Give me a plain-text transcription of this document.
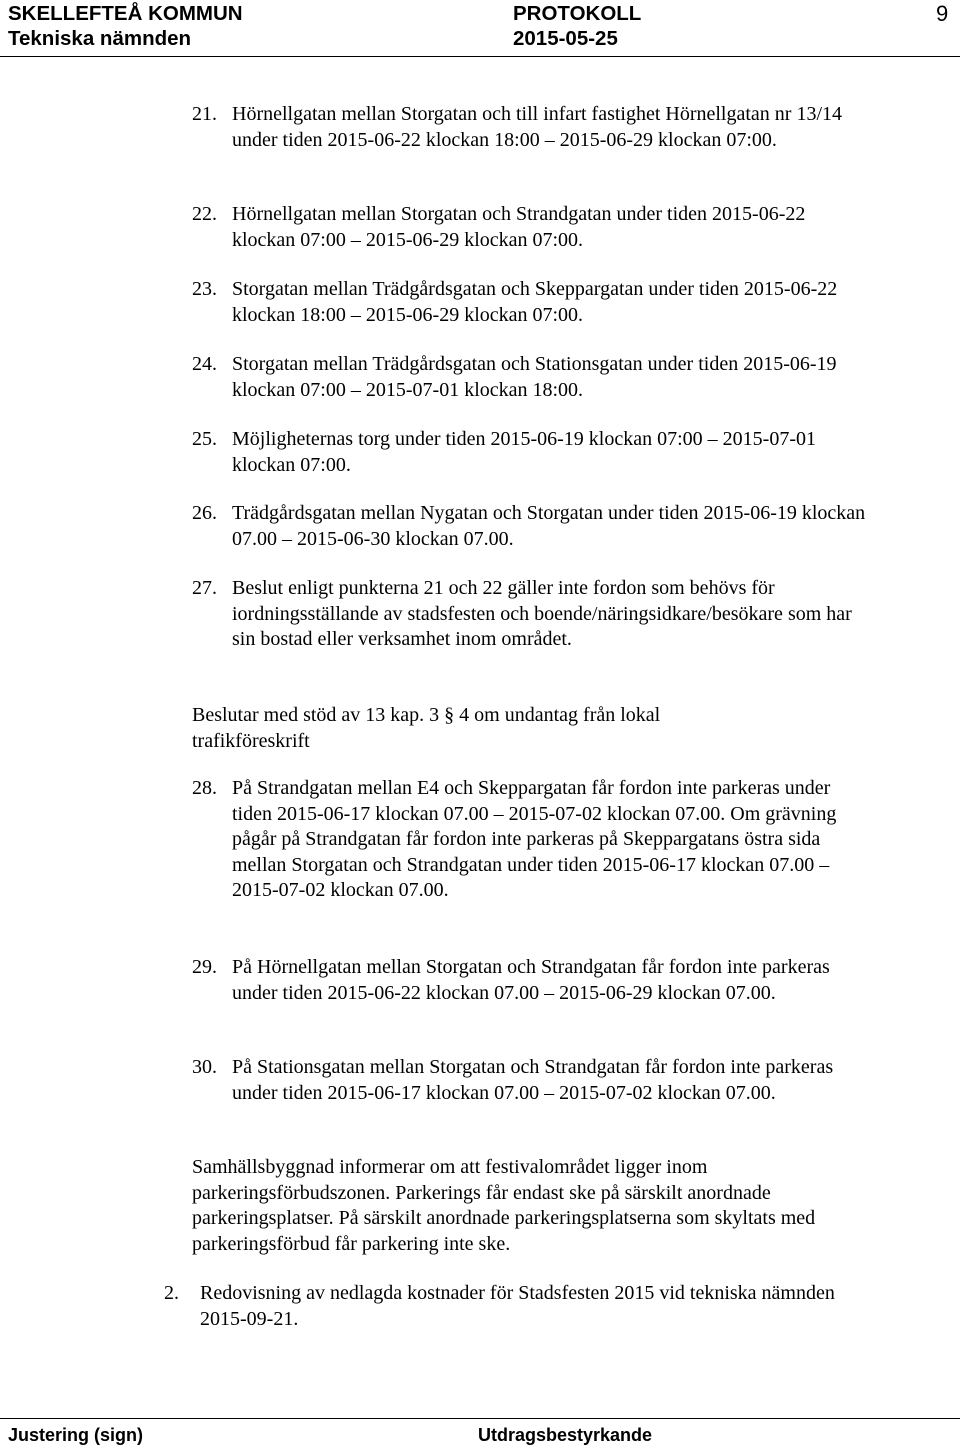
SKELLEFTEÅ KOMMUN
Tekniska nämnden
PROTOKOLL
2015-05-25
9
21. Hörnellgatan mellan Storgatan och till infart fastighet Hörnellgatan nr 13/14 under tiden 2015-06-22 klockan 18:00 – 2015-06-29 klockan 07:00.
22. Hörnellgatan mellan Storgatan och Strandgatan under tiden 2015-06-22 klockan 07:00 – 2015-06-29 klockan 07:00.
23. Storgatan mellan Trädgårdsgatan och Skeppargatan under tiden 2015-06-22 klockan 18:00 – 2015-06-29 klockan 07:00.
24. Storgatan mellan Trädgårdsgatan och Stationsgatan under tiden 2015-06-19 klockan 07:00 – 2015-07-01 klockan 18:00.
25. Möjligheternas torg under tiden 2015-06-19 klockan 07:00 – 2015-07-01 klockan 07:00.
26. Trädgårdsgatan mellan Nygatan och Storgatan under tiden 2015-06-19 klockan 07.00 – 2015-06-30 klockan 07.00.
27. Beslut enligt punkterna 21 och 22 gäller inte fordon som behövs för iordningsställande av stadsfesten och boende/näringsidkare/besökare som har sin bostad eller verksamhet inom området.
Beslutar med stöd av 13 kap. 3 § 4 om undantag från lokal trafikföreskrift
28. På Strandgatan mellan E4 och Skeppargatan får fordon inte parkeras under tiden 2015-06-17 klockan 07.00 – 2015-07-02 klockan 07.00. Om grävning pågår på Strandgatan får fordon inte parkeras på Skeppargatans östra sida mellan Storgatan och Strandgatan under tiden 2015-06-17 klockan 07.00 – 2015-07-02 klockan 07.00.
29. På Hörnellgatan mellan Storgatan och Strandgatan får fordon inte parkeras under tiden 2015-06-22 klockan 07.00 – 2015-06-29 klockan 07.00.
30. På Stationsgatan mellan Storgatan och Strandgatan får fordon inte parkeras under tiden 2015-06-17 klockan 07.00 – 2015-07-02 klockan 07.00.
Samhällsbyggnad informerar om att festivalområdet ligger inom parkeringsförbudszonen. Parkerings får endast ske på särskilt anordnade parkeringsplatser. På särskilt anordnade parkeringsplatserna som skyltats med parkeringsförbud får parkering inte ske.
2. Redovisning av nedlagda kostnader för Stadsfesten 2015 vid tekniska nämnden 2015-09-21.
Justering (sign)	Utdragsbestyrkande
